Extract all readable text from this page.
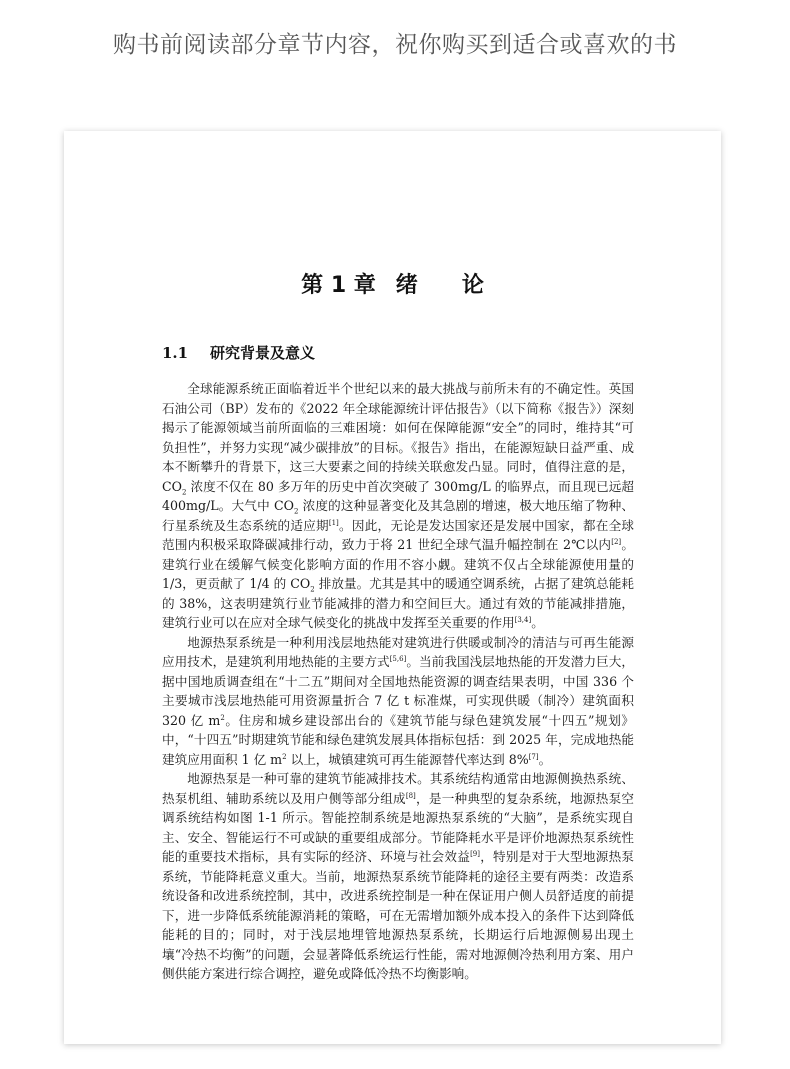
购书前阅读部分章节内容，祝你购买到适合或喜欢的书
第 1 章 绪 论
1.1 研究背景及意义

全球能源系统正面临着近半个世纪以来的最大挑战与前所未有的不确定性。英国石油公司（BP）发布的《2022 年全球能源统计评估报告》（以下简称《报告》）深刻揭示了能源领域当前所面临的三难困境：如何在保障能源“安全”的同时，维持其“可负担性”，并努力实现“减少碳排放”的目标。《报告》指出，在能源短缺日益严重、成本不断攀升的背景下，这三大要素之间的持续关联愈发凸显。同时，值得注意的是，$CO_2$ 浓度不仅在 80 多万年的历史中首次突破了 300mg/L 的临界点，而且现已远超 400mg/L。大气中 $CO_2$ 浓度的这种显著变化及其急剧的增速，极大地压缩了物种、行星系统及生态系统的适应期[1]。因此，无论是发达国家还是发展中国家，都在全球范围内积极采取降碳减排行动，致力于将 21 世纪全球气温升幅控制在 2℃以内[2]。建筑行业在缓解气候变化影响方面的作用不容小觑。建筑不仅占全球能源使用量的 1/3，更贡献了 1/4 的 $CO_2$ 排放量。尤其是其中的暖通空调系统，占据了建筑总能耗的 38%，这表明建筑行业节能减排的潜力和空间巨大。通过有效的节能减排措施，建筑行业可以在应对全球气候变化的挑战中发挥至关重要的作用[3,4]。

地源热泵系统是一种利用浅层地热能对建筑进行供暖或制冷的清洁与可再生能源应用技术，是建筑利用地热能的主要方式[5,6]。当前我国浅层地热能的开发潜力巨大，据中国地质调查组在“十二五”期间对全国地热能资源的调查结果表明，中国 336 个主要城市浅层地热能可用资源量折合 7 亿 t 标准煤，可实现供暖（制冷）建筑面积 320 亿 $m^2$。住房和城乡建设部出台的《建筑节能与绿色建筑发展“十四五”规划》中，“十四五”时期建筑节能和绿色建筑发展具体指标包括：到 2025 年，完成地热能建筑应用面积 1 亿 $m^2$ 以上，城镇建筑可再生能源替代率达到 8%[7]。

地源热泵是一种可靠的建筑节能减排技术。其系统结构通常由地源侧换热系统、热泵机组、辅助系统以及用户侧等部分组成[8]，是一种典型的复杂系统，地源热泵空调系统结构如图 1-1 所示。智能控制系统是地源热泵系统的“大脑”，是系统实现自主、安全、智能运行不可或缺的重要组成部分。节能降耗水平是评价地源热泵系统性能的重要技术指标，具有实际的经济、环境与社会效益[9]，特别是对于大型地源热泵系统，节能降耗意义重大。当前，地源热泵系统节能降耗的途径主要有两类：改造系统设备和改进系统控制，其中，改进系统控制是一种在保证用户侧人员舒适度的前提下，进一步降低系统能源消耗的策略，可在无需增加额外成本投入的条件下达到降低能耗的目的；同时，对于浅层地埋管地源热泵系统，长期运行后地源侧易出现土壤“冷热不均衡”的问题，会显著降低系统运行性能，需对地源侧冷热利用方案、用户侧供能方案进行综合调控，避免或降低冷热不均衡影响。
